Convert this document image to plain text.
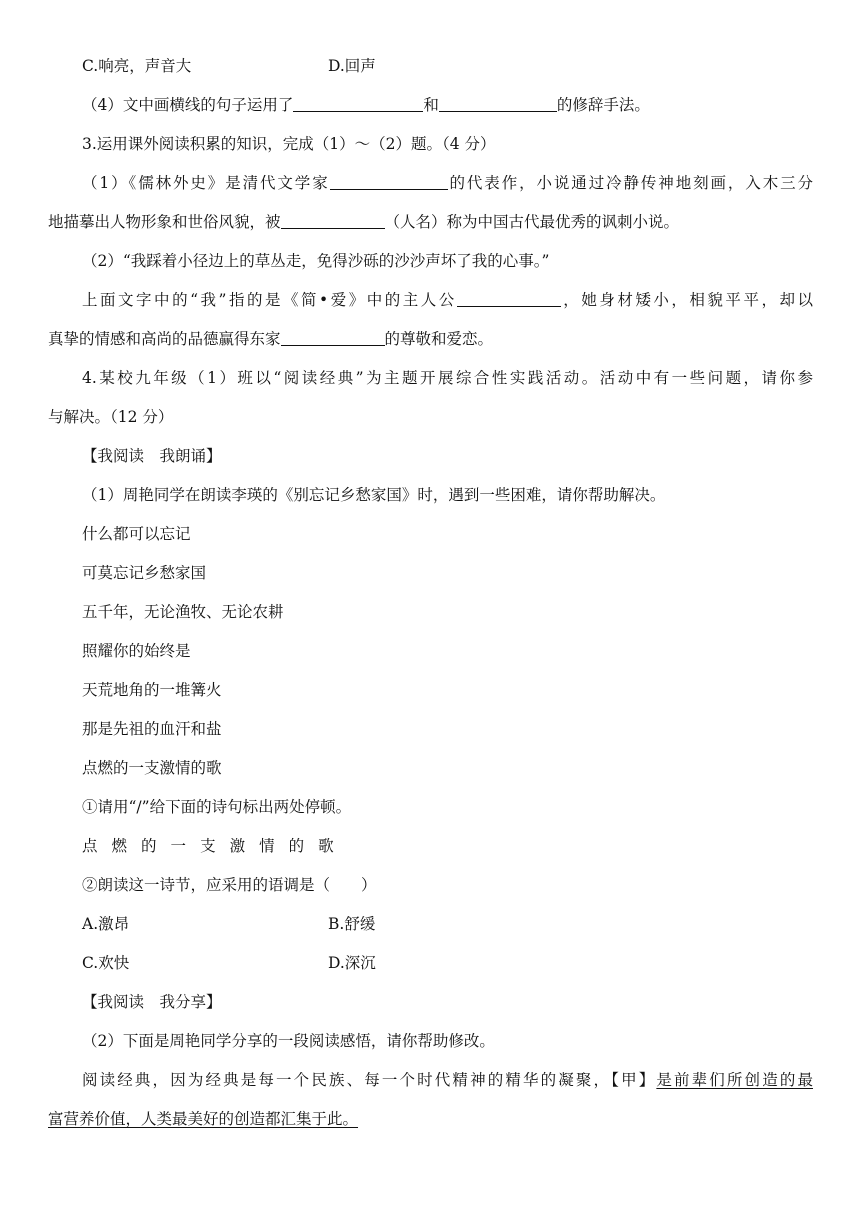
C.响亮，声音大	D.回声
（4）文中画横线的句子运用了	和	的修辞手法。
3.运用课外阅读积累的知识，完成（1）～（2）题。（4 分）
（1）《儒林外史》是清代文学家	的代表作，小说通过冷静传神地刻画，入木三分
地描摹出人物形象和世俗风貌，被	（人名）称为中国古代最优秀的讽刺小说。
（2）“我踩着小径边上的草丛走，免得沙砾的沙沙声坏了我的心事。”
上面文字中的“我”指的是《简•爱》中的主人公	，她身材矮小，相貌平平，却以
真挚的情感和高尚的品德赢得东家	的尊敬和爱恋。
4.某校九年级（1）班以“阅读经典”为主题开展综合性实践活动。活动中有一些问题，请你参
与解决。（12 分）
【我阅读　我朗诵】
（1）周艳同学在朗读李瑛的《别忘记乡愁家国》时，遇到一些困难，请你帮助解决。
什么都可以忘记
可莫忘记乡愁家国
五千年，无论渔牧、无论农耕
照耀你的始终是
天荒地角的一堆篝火
那是先祖的血汗和盐
点燃的一支激情的歌
①请用“/”给下面的诗句标出两处停顿。
点 燃 的 一 支 激 情 的 歌
②朗读这一诗节，应采用的语调是（　　）
A.激昂	B.舒缓
C.欢快	D.深沉
【我阅读　我分享】
（2）下面是周艳同学分享的一段阅读感悟，请你帮助修改。
阅读经典，因为经典是每一个民族、每一个时代精神的精华的凝聚，【甲】是前辈们所创造的最
富营养价值，人类最美好的创造都汇集于此。
